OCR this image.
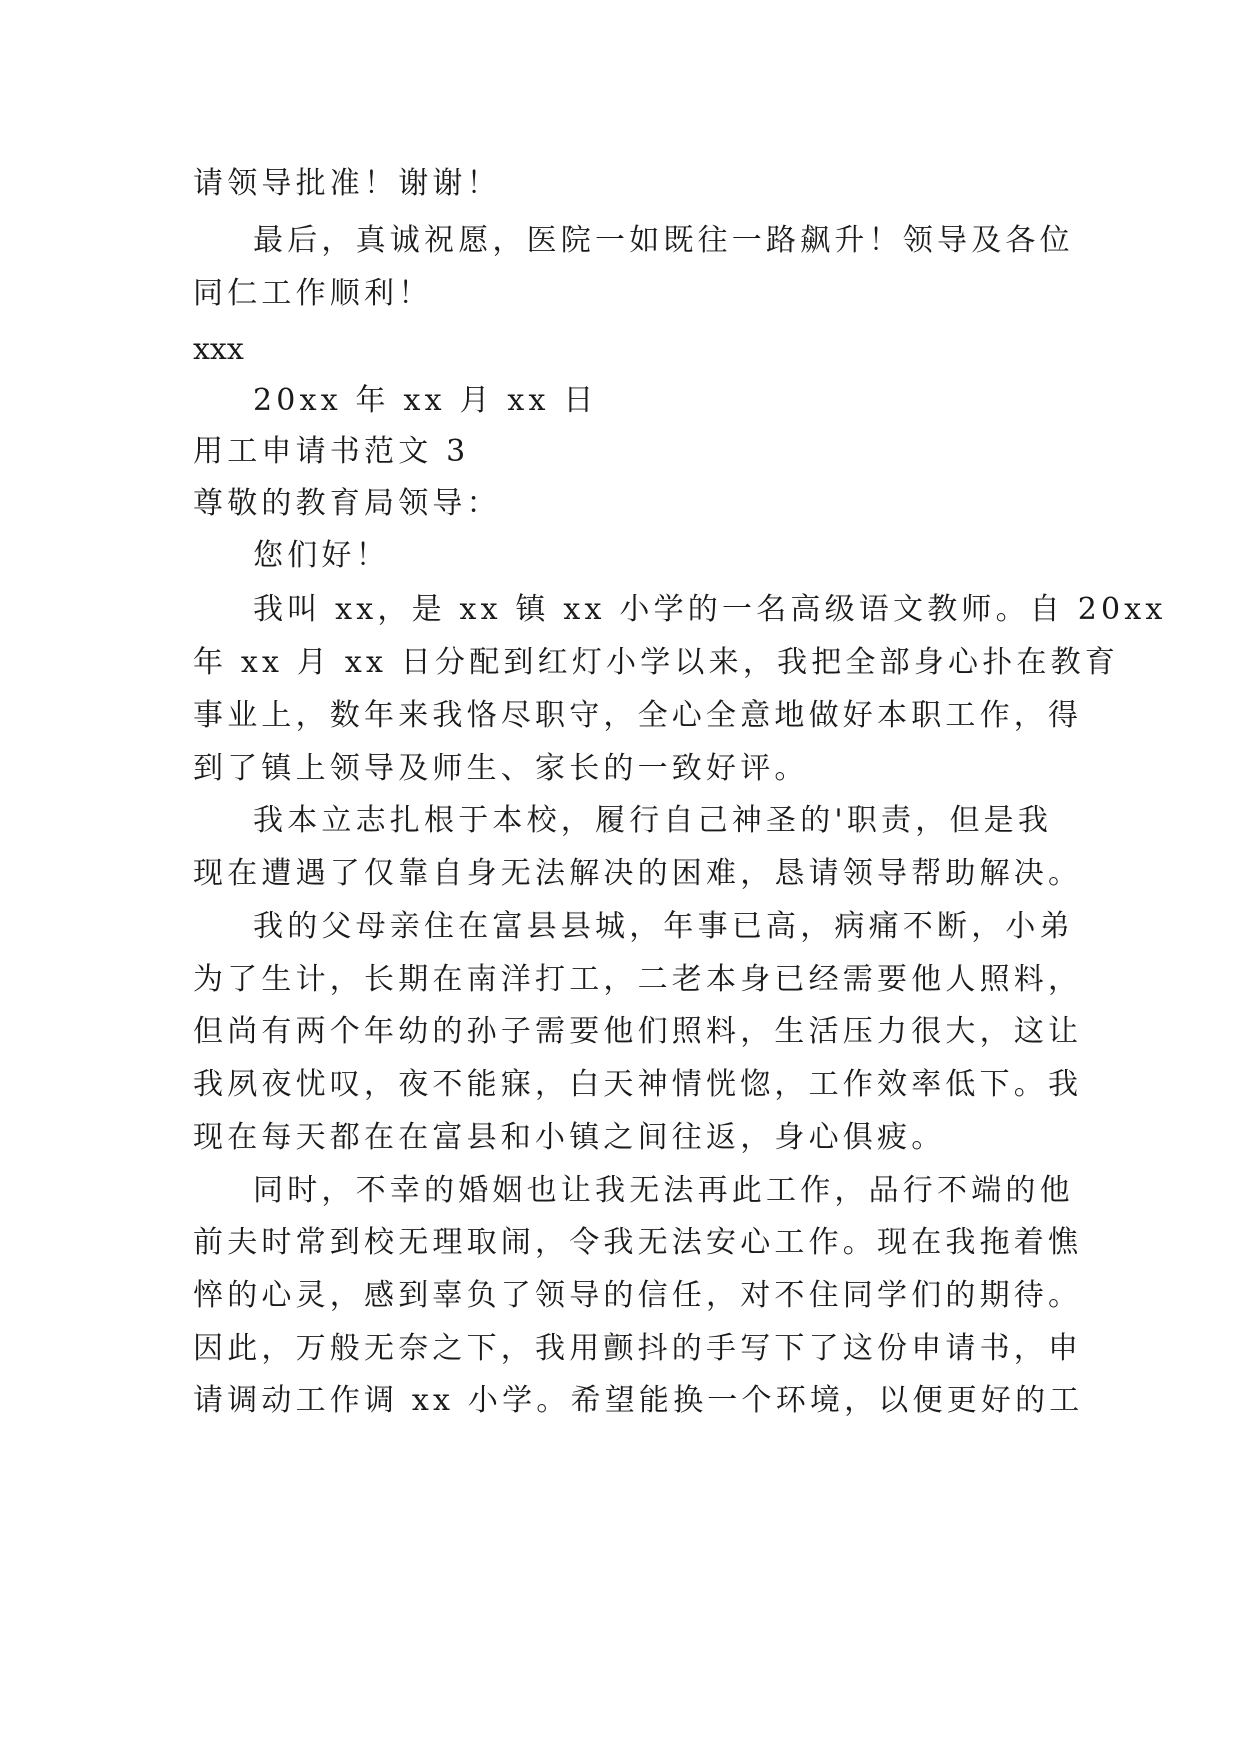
请领导批准！谢谢！
最后，真诚祝愿，医院一如既往一路飙升！领导及各位
同仁工作顺利！
xxx
20xx 年 xx 月 xx 日
用工申请书范文 3
尊敬的教育局领导：
您们好！
我叫 xx，是 xx 镇 xx 小学的一名高级语文教师。自 20xx
年 xx 月 xx 日分配到红灯小学以来，我把全部身心扑在教育
事业上，数年来我恪尽职守，全心全意地做好本职工作，得
到了镇上领导及师生、家长的一致好评。
我本立志扎根于本校，履行自己神圣的'职责，但是我
现在遭遇了仅靠自身无法解决的困难，恳请领导帮助解决。
我的父母亲住在富县县城，年事已高，病痛不断，小弟
为了生计，长期在南洋打工，二老本身已经需要他人照料，
但尚有两个年幼的孙子需要他们照料，生活压力很大，这让
我夙夜忧叹，夜不能寐，白天神情恍惚，工作效率低下。我
现在每天都在在富县和小镇之间往返，身心俱疲。
同时，不幸的婚姻也让我无法再此工作，品行不端的他
前夫时常到校无理取闹，令我无法安心工作。现在我拖着憔
悴的心灵，感到辜负了领导的信任，对不住同学们的期待。
因此，万般无奈之下，我用颤抖的手写下了这份申请书，申
请调动工作调 xx 小学。希望能换一个环境，以便更好的工
